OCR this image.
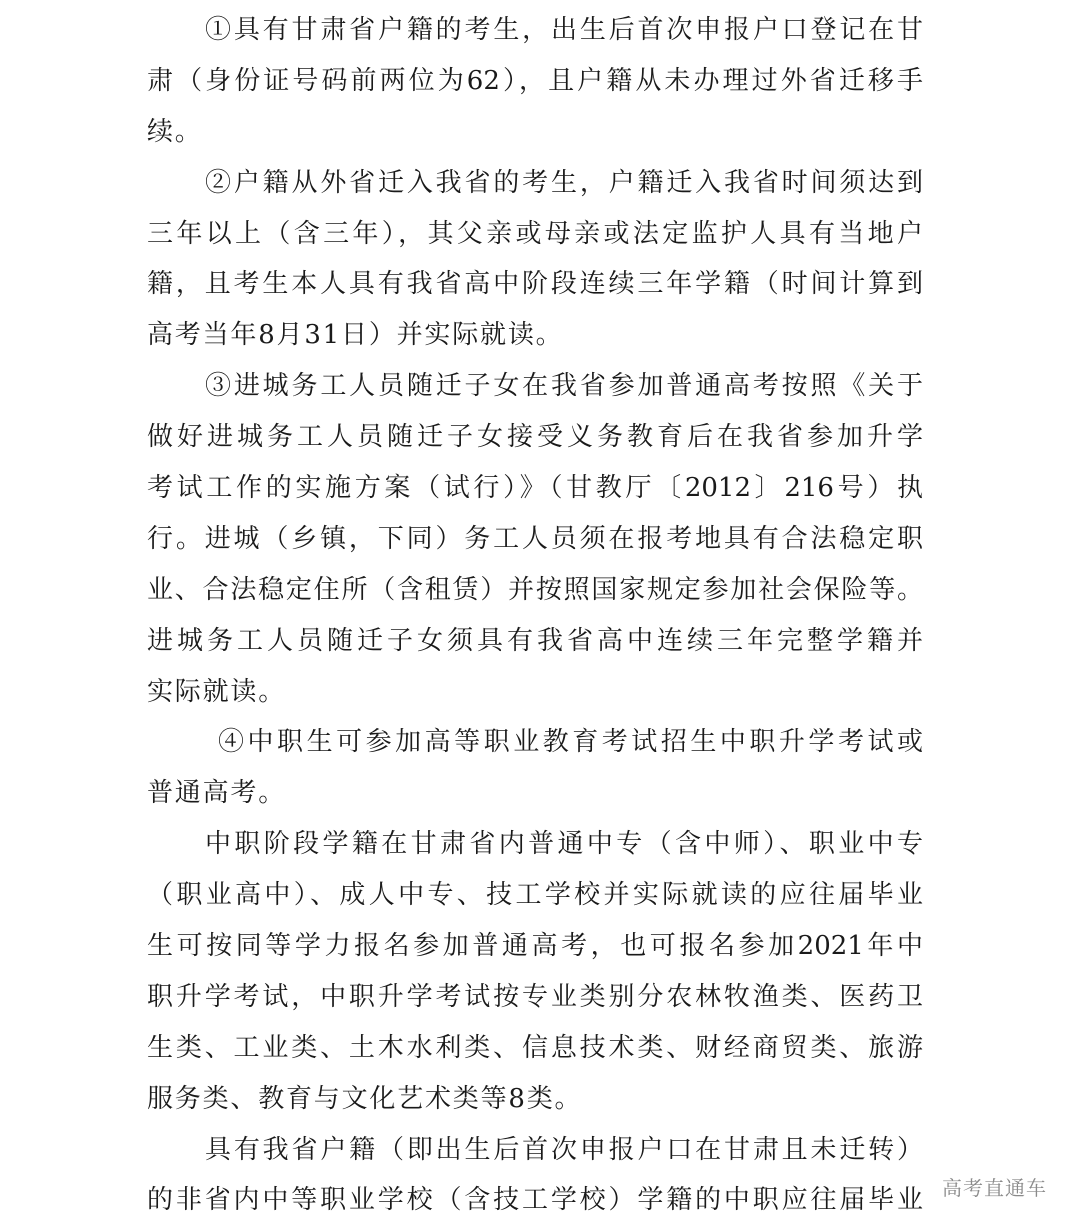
①具有甘肃省户籍的考生，出生后首次申报户口登记在甘
肃（身份证号码前两位为62），且户籍从未办理过外省迁移手
续。
②户籍从外省迁入我省的考生，户籍迁入我省时间须达到
三年以上（含三年），其父亲或母亲或法定监护人具有当地户
籍，且考生本人具有我省高中阶段连续三年学籍（时间计算到
高考当年8月31日）并实际就读。
③进城务工人员随迁子女在我省参加普通高考按照《关于
做好进城务工人员随迁子女接受义务教育后在我省参加升学
考试工作的实施方案（试行）》（甘教厅〔2012〕216号）执
行。进城（乡镇，下同）务工人员须在报考地具有合法稳定职
业、合法稳定住所（含租赁）并按照国家规定参加社会保险等。
进城务工人员随迁子女须具有我省高中连续三年完整学籍并
实际就读。
④中职生可参加高等职业教育考试招生中职升学考试或
普通高考。
中职阶段学籍在甘肃省内普通中专（含中师）、职业中专
（职业高中）、成人中专、技工学校并实际就读的应往届毕业
生可按同等学力报名参加普通高考，也可报名参加2021年中
职升学考试，中职升学考试按专业类别分农林牧渔类、医药卫
生类、工业类、土木水利类、信息技术类、财经商贸类、旅游
服务类、教育与文化艺术类等8类。
具有我省户籍（即出生后首次申报户口在甘肃且未迁转）
的非省内中等职业学校（含技工学校）学籍的中职应往届毕业 高考直通车
